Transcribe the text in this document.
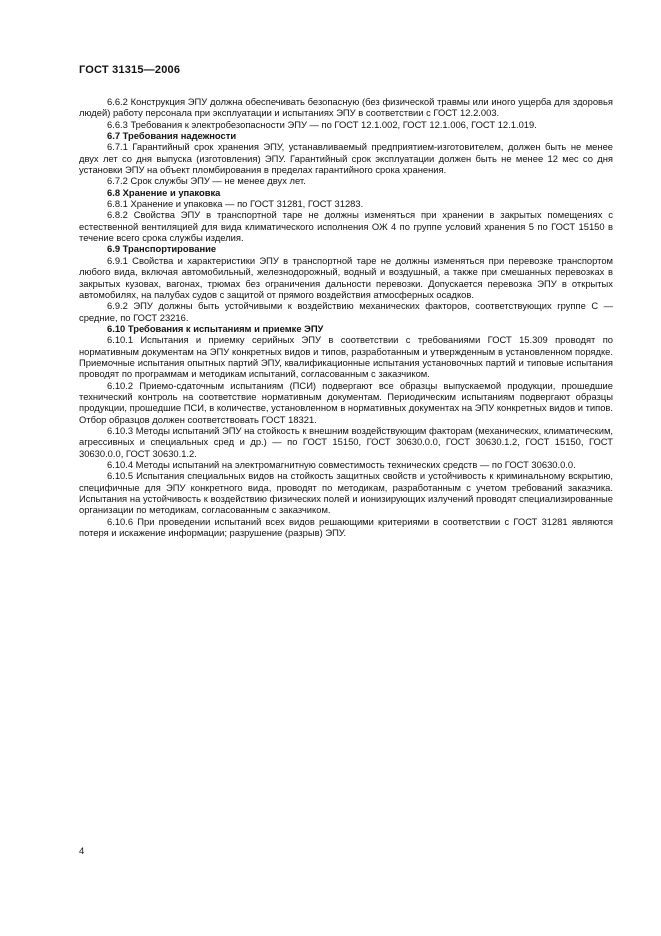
ГОСТ 31315—2006

6.6.2 Конструкция ЭПУ должна обеспечивать безопасную (без физической травмы или иного ущерба для здоровья людей) работу персонала при эксплуатации и испытаниях ЭПУ в соответствии с ГОСТ 12.2.003.

6.6.3 Требования к электробезопасности ЭПУ — по ГОСТ 12.1.002, ГОСТ 12.1.006, ГОСТ 12.1.019.

6.7 Требования надежности

6.7.1 Гарантийный срок хранения ЭПУ, устанавливаемый предприятием-изготовителем, должен быть не менее двух лет со дня выпуска (изготовления) ЭПУ. Гарантийный срок эксплуатации должен быть не менее 12 мес со дня установки ЭПУ на объект пломбирования в пределах гарантийного срока хранения.

6.7.2 Срок службы ЭПУ — не менее двух лет.

6.8 Хранение и упаковка

6.8.1 Хранение и упаковка — по ГОСТ 31281, ГОСТ 31283.

6.8.2 Свойства ЭПУ в транспортной таре не должны изменяться при хранении в закрытых помещениях с естественной вентиляцией для вида климатического исполнения ОЖ 4 по группе условий хранения 5 по ГОСТ 15150 в течение всего срока службы изделия.

6.9 Транспортирование

6.9.1 Свойства и характеристики ЭПУ в транспортной таре не должны изменяться при перевозке транспортом любого вида, включая автомобильный, железнодорожный, водный и воздушный, а также при смешанных перевозках в закрытых кузовах, вагонах, трюмах без ограничения дальности перевозки. Допускается перевозка ЭПУ в открытых автомобилях, на палубах судов с защитой от прямого воздействия атмосферных осадков.

6.9.2 ЭПУ должны быть устойчивыми к воздействию механических факторов, соответствующих группе С — средние, по ГОСТ 23216.

6.10 Требования к испытаниям и приемке ЭПУ

6.10.1 Испытания и приемку серийных ЭПУ в соответствии с требованиями ГОСТ 15.309 проводят по нормативным документам на ЭПУ конкретных видов и типов, разработанным и утвержденным в установленном порядке. Приемочные испытания опытных партий ЭПУ, квалификационные испытания установочных партий и типовые испытания проводят по программам и методикам испытаний, согласованным с заказчиком.

6.10.2 Приемо-сдаточным испытаниям (ПСИ) подвергают все образцы выпускаемой продукции, прошедшие технический контроль на соответствие нормативным документам. Периодическим испытаниям подвергают образцы продукции, прошедшие ПСИ, в количестве, установленном в нормативных документах на ЭПУ конкретных видов и типов. Отбор образцов должен соответствовать ГОСТ 18321.

6.10.3 Методы испытаний ЭПУ на стойкость к внешним воздействующим факторам (механических, климатическим, агрессивных и специальных сред и др.) — по ГОСТ 15150, ГОСТ 30630.0.0, ГОСТ 30630.1.2, ГОСТ 15150, ГОСТ 30630.0.0, ГОСТ 30630.1.2.

6.10.4 Методы испытаний на электромагнитную совместимость технических средств — по ГОСТ 30630.0.0.

6.10.5 Испытания специальных видов на стойкость защитных свойств и устойчивость к криминальному вскрытию, специфичные для ЭПУ конкретного вида, проводят по методикам, разработанным с учетом требований заказчика. Испытания на устойчивость к воздействию физических полей и ионизирующих излучений проводят специализированные организации по методикам, согласованным с заказчиком.

6.10.6 При проведении испытаний всех видов решающими критериями в соответствии с ГОСТ 31281 являются потеря и искажение информации; разрушение (разрыв) ЭПУ.

4
